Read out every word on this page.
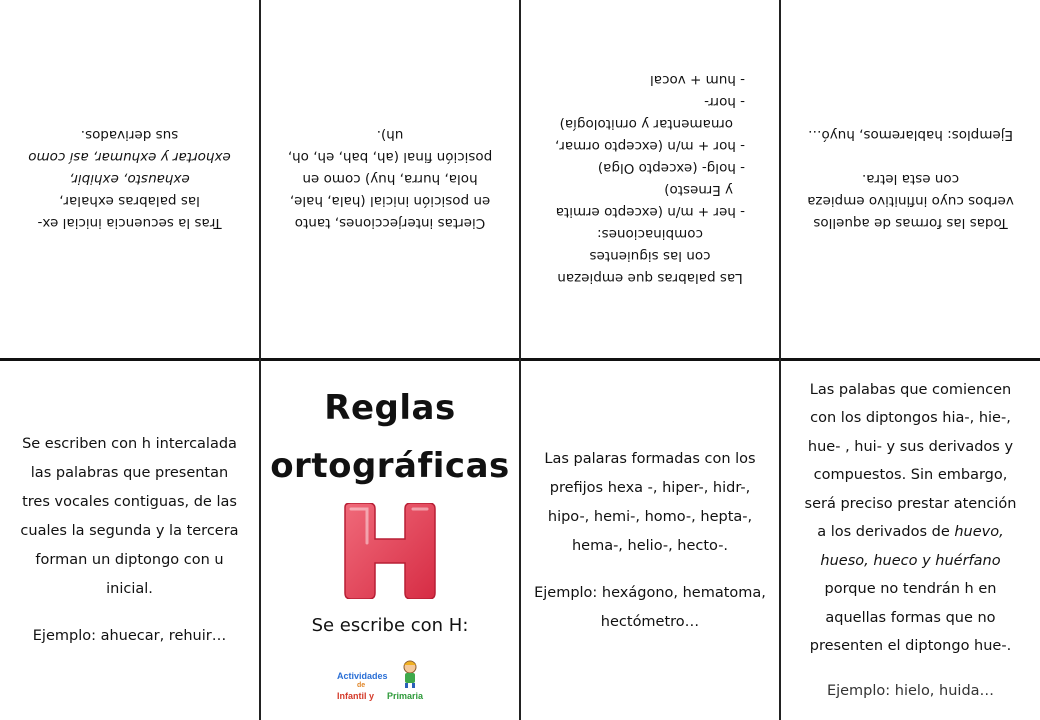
Tras la secuencia inicial ex-

las palabras exhalar,

exhausto, exhibir,

exhortar y exhumar, así como

sus derivados.

Ciertas interjecciones, tanto

en posición inicial (hala, hale,

hola, hurra, huy) como en

posición final (ah, bah, eh, oh,

uh).

Las palabras que empiezan

con las siguientes

combinaciones:

- her + m/n (excepto ermita

y Ernesto)

- holg- (excepto Olga)

- hor + m/n (excepto ormar,

ornamentar y ornitología)

- horr-

- hum + vocal

Todas las formas de aquellos

verbos cuyo infinitivo empieza

con esta letra.

Ejemplos: hablaremos, huyó…

Se escriben con h intercalada

las palabras que presentan

tres vocales contiguas, de las

cuales la segunda y la tercera

forman un diptongo con u

inicial.

Ejemplo: ahuecar, rehuir…

Reglas
ortográficas
Se escribe con H:
Actividades
de
Infantil y Primaria

Las palaras formadas con los

prefijos hexa -, hiper-, hidr-,

hipo-, hemi-, homo-, hepta-,

hema-, helio-, hecto-.

Ejemplo: hexágono, hematoma,

hectómetro…

Las palabas que comiencen

con los diptongos hia-, hie-,

hue- , hui- y sus derivados y

compuestos. Sin embargo,

será preciso prestar atención

a los derivados de huevo,

hueso, hueco y huérfano

porque no tendrán h en

aquellas formas que no

presenten el diptongo hue-.

Ejemplo: hielo, huida…
